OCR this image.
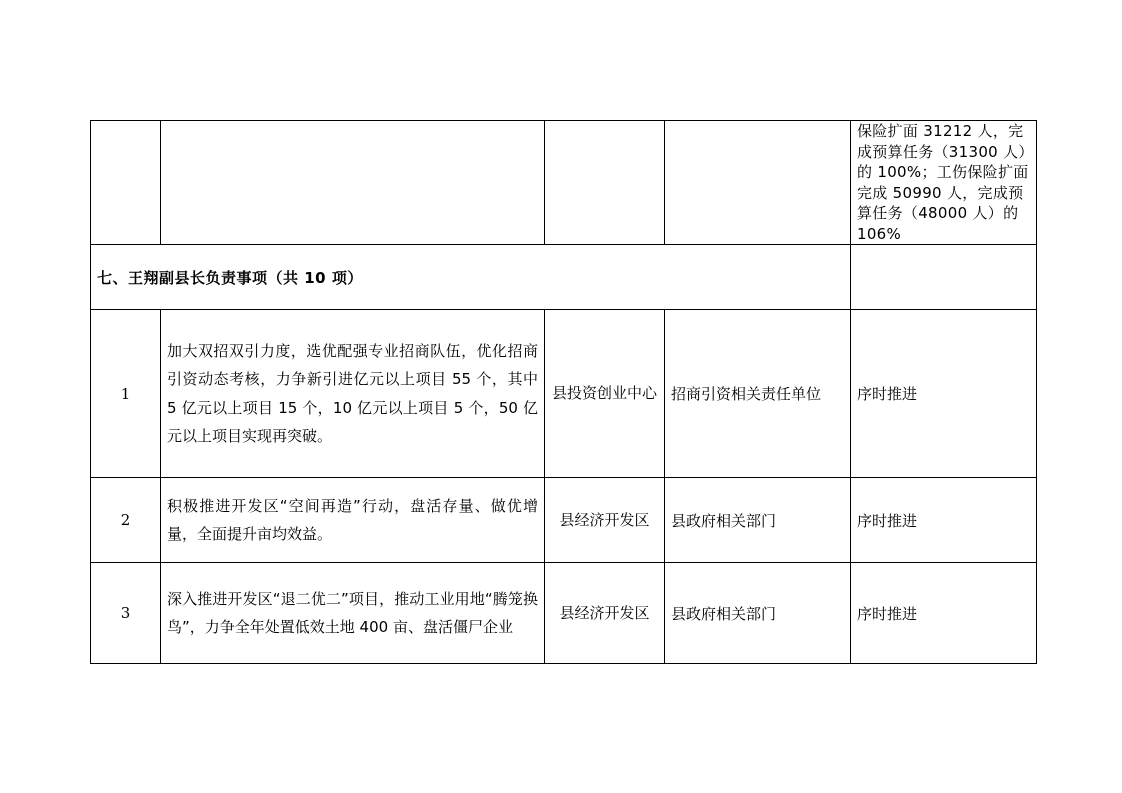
				保险扩面 31212 人，完成预算任务（31300 人）的 100%；工伤保险扩面完成 50990 人，完成预算任务（48000 人）的 106%
七、王翔副县长负责事项（共 10 项）				
1	加大双招双引力度，选优配强专业招商队伍，优化招商引资动态考核，力争新引进亿元以上项目 55 个，其中 5 亿元以上项目 15 个，10 亿元以上项目 5 个，50 亿元以上项目实现再突破。	县投资创业中心	招商引资相关责任单位	序时推进
2	积极推进开发区“空间再造”行动，盘活存量、做优增量，全面提升亩均效益。	县经济开发区	县政府相关部门	序时推进
3	深入推进开发区“退二优二”项目，推动工业用地“腾笼换鸟”，力争全年处置低效土地 400 亩、盘活僵尸企业	县经济开发区	县政府相关部门	序时推进
